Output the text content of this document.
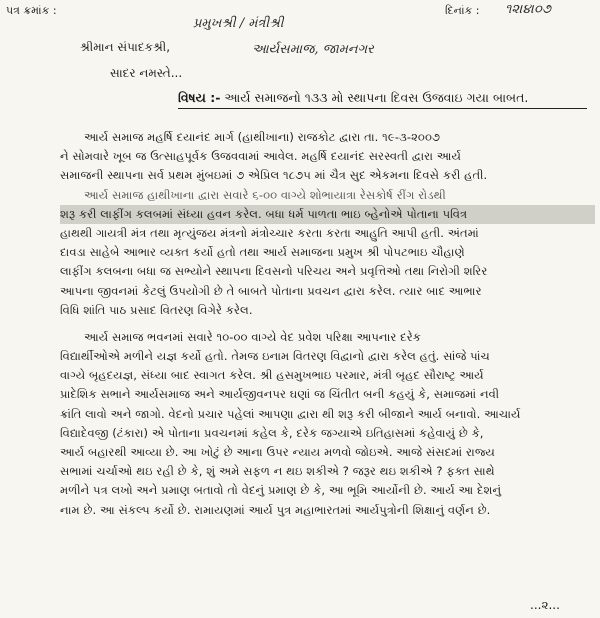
પત્ર ક્રમાંક :	દિનાંક : ૧૨।૪।૦૭
પ્રમુખશ્રી / મંત્રીશ્રી
આર્યસમાજ, જામનગર
શ્રીમાન સંપાદકશ્રી,
સાદર નમસ્તે...
વિષય :- આર્ય સમાજનો ૧૩૩ મો સ્થાપના દિવસ ઉજવાઇ ગયા બાબત.
આર્ય સમાજ મહર્ષિ દયાનંદ માર્ગ (હાથીખાના) રાજકોટ દ્વારા તા. ૧૯-૩-૨૦૦૭
ને સોમવારે ખૂબ જ ઉત્સાહપૂર્વક ઉજવવામાં આવેલ. મહર્ષિ દયાનંદ સરસ્વતી દ્વારા આર્ય
સમાજની સ્થાપના સર્વ પ્રથમ મુંબઇમાં ૭ એપ્રિલ ૧૮૭૫ માં ચૈત્ર સુદ એકમના દિવસે કરી હતી.
આર્ય સમાજ હાથીખાના દ્વારા સવારે ૬-૦૦ વાગ્યે શોભાયાત્રા રેસકોર્ષ રીંગ રોડથી
શરૂ કરી લાફીંગ કલબમાં સંધ્યા હવન કરેલ. બધા ધર્મ પાળતા ભાઇ બ્હેનોએ પોતાના પવિત્ર
હાથથી ગાયત્રી મંત્ર તથા મૃત્યુંજય મંત્રનો મંત્રોચ્ચાર કરતા કરતા આહુતિ આપી હતી. અંતમાં
દાવડા સાહેબે આભાર વ્યક્ત કર્યો હતો તથા આર્ય સમાજના પ્રમુખ શ્રી પોપટભાઇ ચૌહાણે
લાફીંગ કલબના બધા જ સભ્યોને સ્થાપના દિવસનો પરિચય અને પ્રવૃત્તિઓ તથા નિરોગી શરિર
આપના જીવનમાં કેટલું ઉપયોગી છે તે બાબતે પોતાના પ્રવચન દ્વારા કરેલ. ત્યાર બાદ આભાર
વિધિ શાંતિ પાઠ પ્રસાદ વિતરણ વિગેરે કરેલ.
આર્ય સમાજ ભવનમાં સવારે ૧૦-૦૦ વાગ્યે વેદ પ્રવેશ પરિક્ષા આપનાર દરેક
વિદ્યાર્થીઓએ મળીને યજ્ઞ કર્યો હતો. તેમજ ઇનામ વિતરણ વિદ્વાનો દ્વારા કરેલ હતું. સાંજે પાંચ
વાગ્યે બૃહદયજ્ઞ, સંધ્યા બાદ સ્વાગત કરેલ. શ્રી હસમુખભાઇ પરમાર, મંત્રી બૃહદ સૌરાષ્ટ્ર આર્ય
પ્રાદેશિક સભાને આર્યસમાજ અને આર્યજીવનપર ઘણાં જ ચિંતીત બની કહયું કે, સમાજમાં નવી
ક્રાંતિ લાવો અને જાગો. વેદનો પ્રચાર પહેલાં આપણા દ્વારા થી શરૂ કરી બીજાને આર્ય બનાવો. આચાર્ય
વિદ્યાદેવજી (ટંકારા) એ પોતાના પ્રવચનમાં કહેલ કે, દરેક જગ્યાએ ઇતિહાસમાં કહેવાયું છે કે,
આર્ય બહારથી આવ્યા છે. આ ખોટું છે આના ઉપર ન્યાય મળવો જોઇએ. આજે સંસદમાં રાજ્ય
સભામાં ચર્ચાઓ થઇ રહી છે કે, શું અમે સફળ ન થઇ શકીએ ? જરૂર થઇ શકીએ ? ફક્ત સાથે
મળીને પત્ર લખો અને પ્રમાણ બતાવો તો વેદનું પ્રમાણ છે કે, આ ભૂમિ આર્યોની છે. આર્ય આ દેશનું
નામ છે. આ સંકલ્પ કર્યો છે. રામાયણમાં આર્ય પુત્ર મહાભારતમાં આર્યપુત્રોની શિક્ષાનું વર્ણન છે.
...૨...
